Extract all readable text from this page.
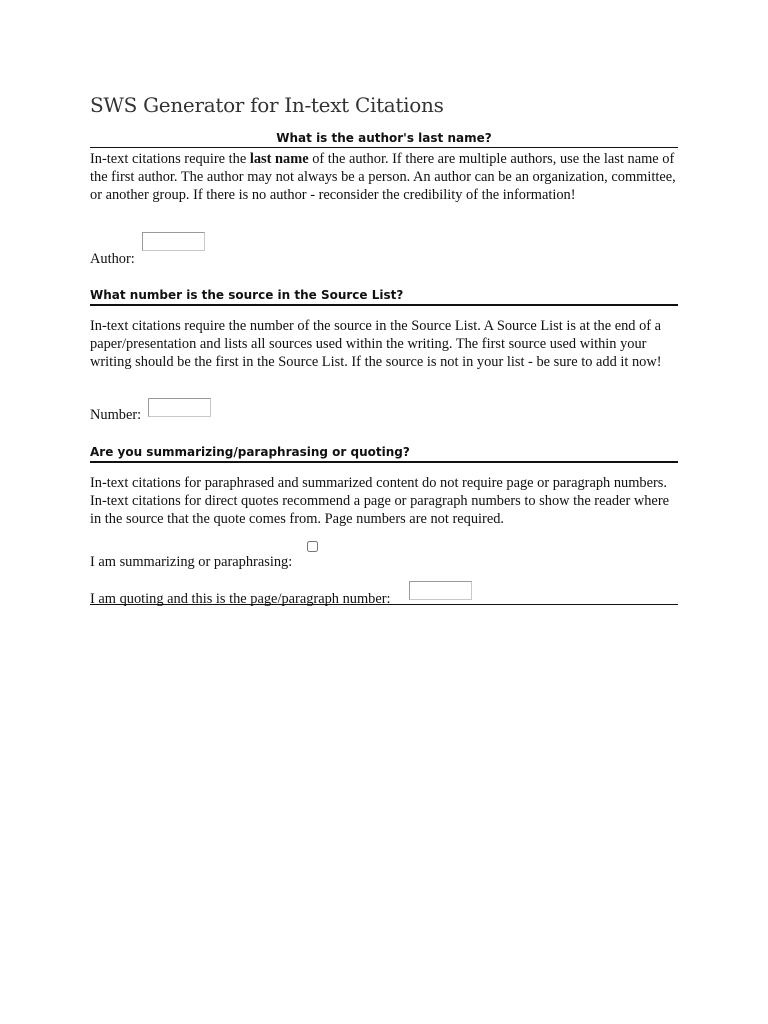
SWS Generator for In-text Citations
What is the author's last name?

In-text citations require the last name of the author. If there are multiple authors, use the last name of the first author. The author may not always be a person. An author can be an organization, committee, or another group. If there is no author - reconsider the credibility of the information!

Author:
What number is the source in the Source List?

In-text citations require the number of the source in the Source List. A Source List is at the end of a paper/presentation and lists all sources used within the writing. The first source used within your writing should be the first in the Source List. If the source is not in your list - be sure to add it now!

Number:
Are you summarizing/paraphrasing or quoting?

In-text citations for paraphrased and summarized content do not require page or paragraph numbers. In-text citations for direct quotes recommend a page or paragraph numbers to show the reader where in the source that the quote comes from. Page numbers are not required.

I am summarizing or paraphrasing:
I am quoting and this is the page/paragraph number:
